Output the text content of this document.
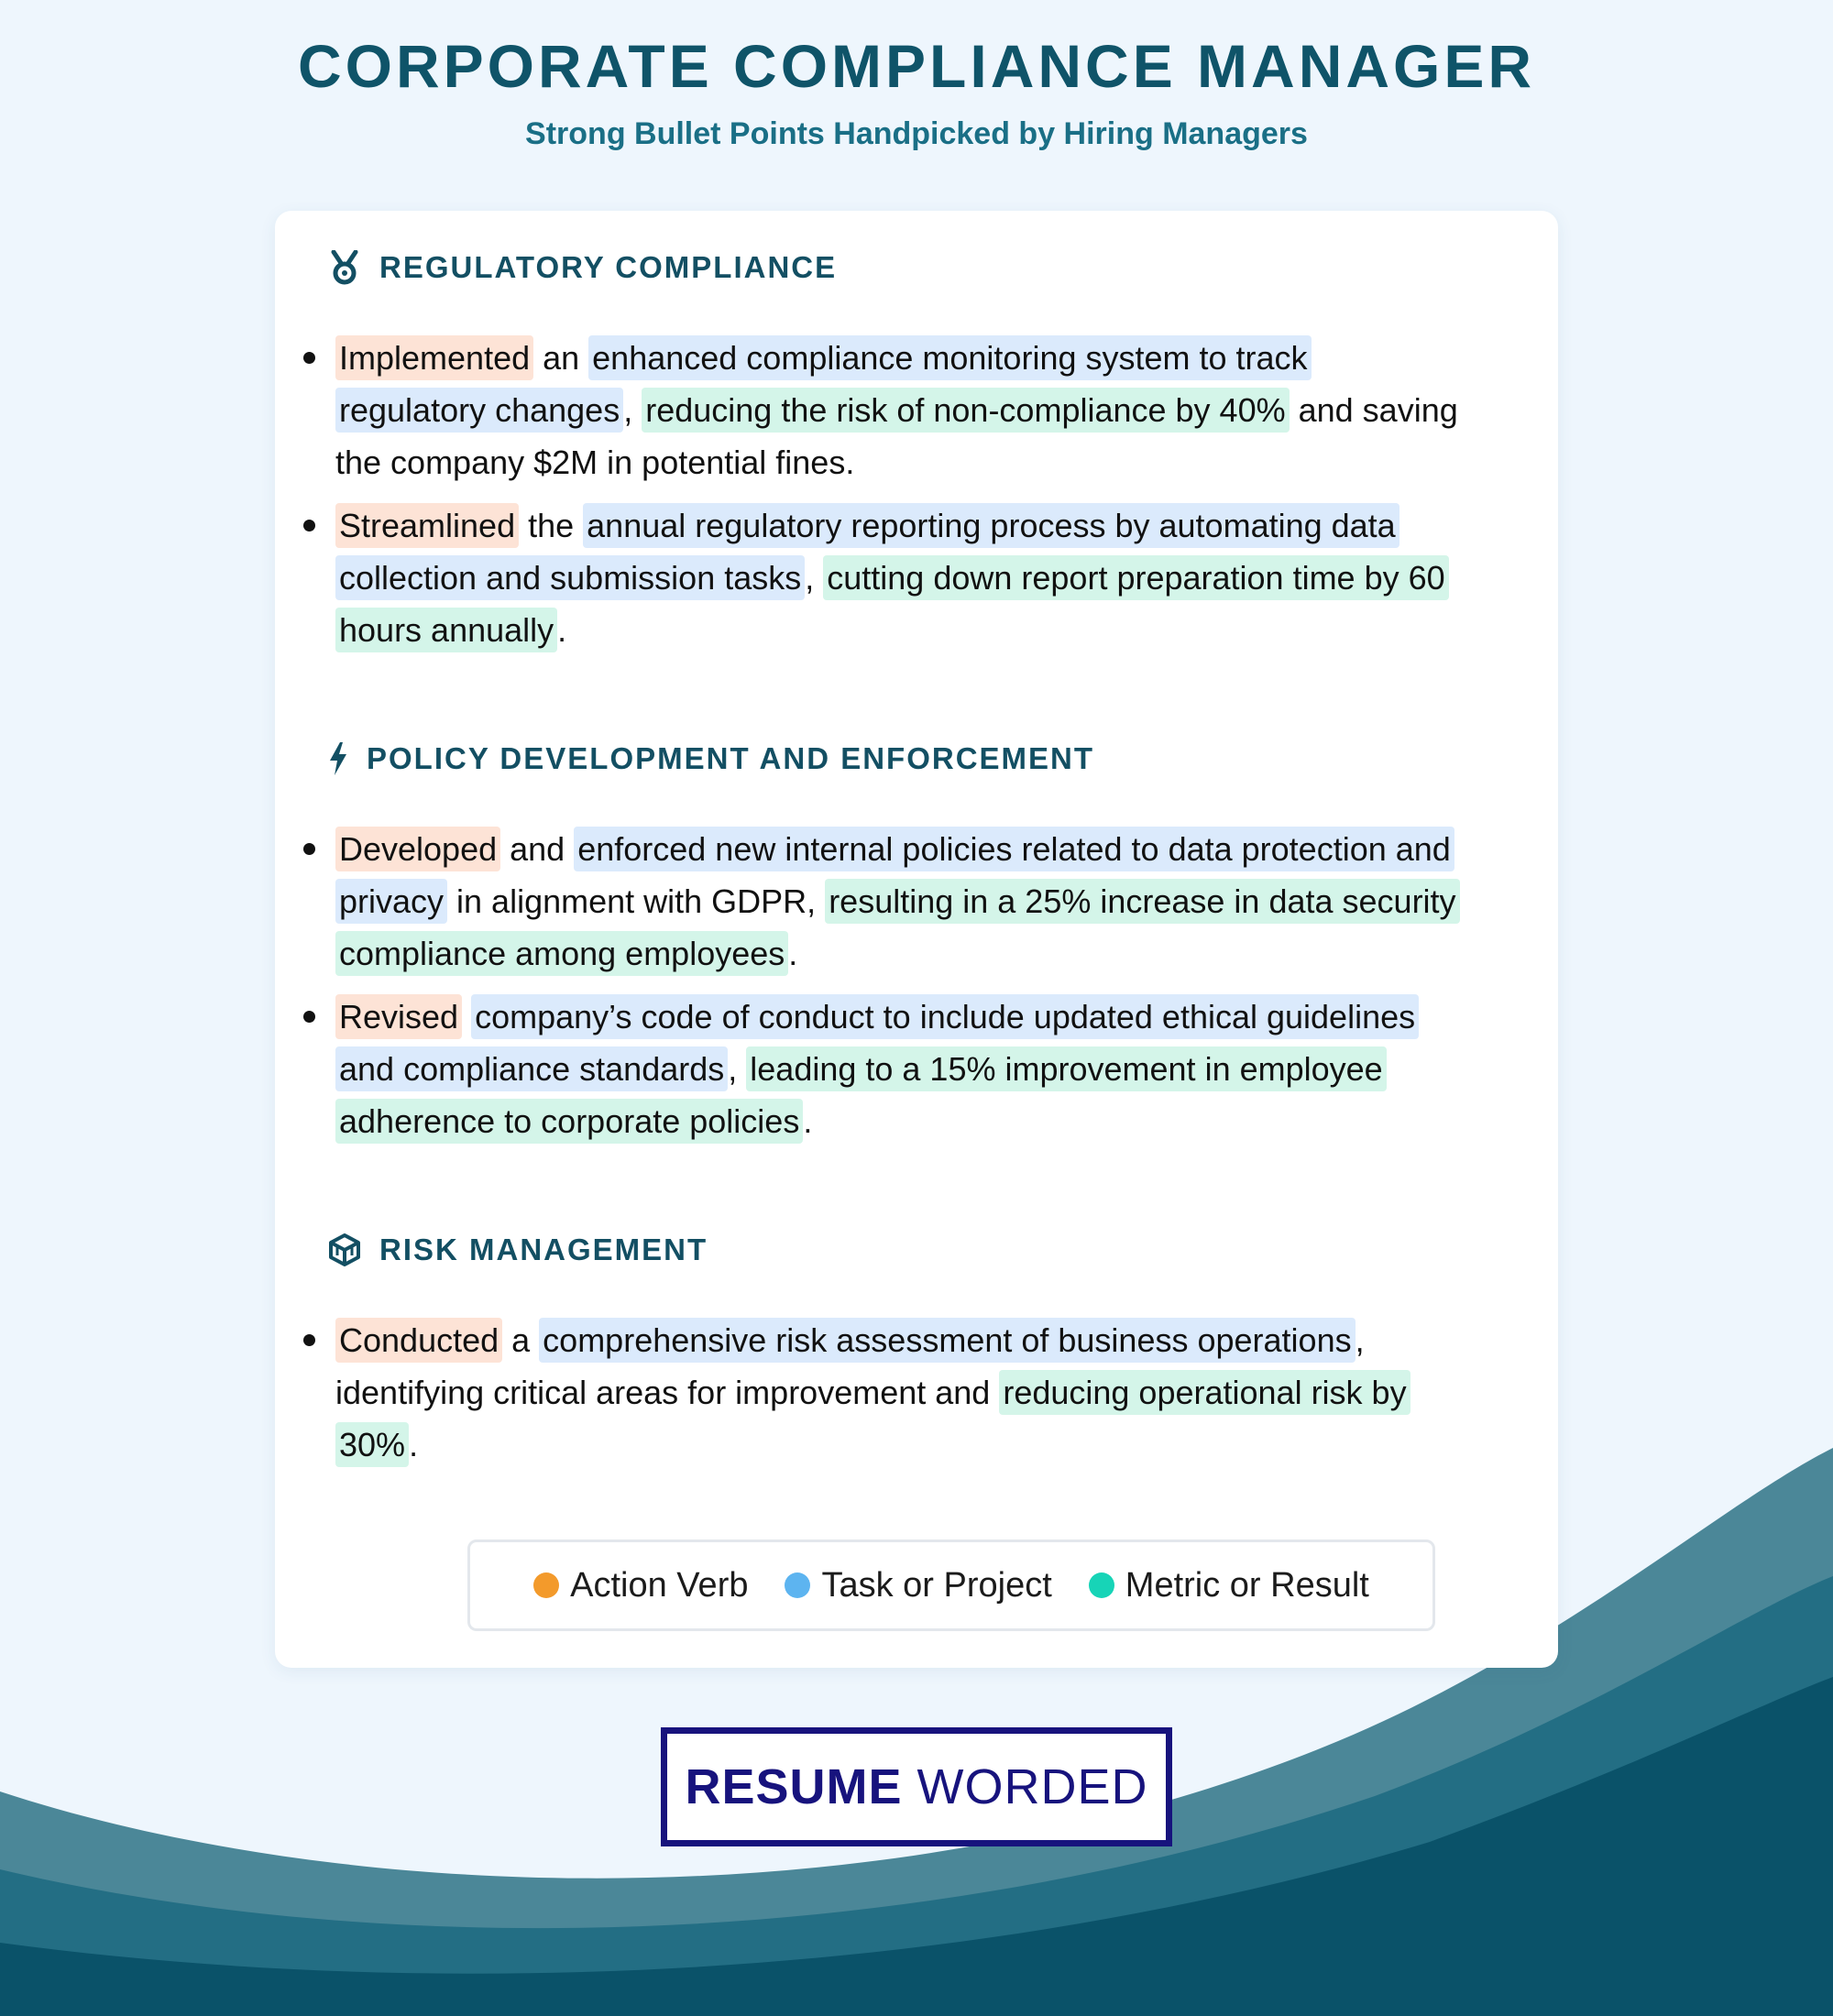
CORPORATE COMPLIANCE MANAGER
Strong Bullet Points Handpicked by Hiring Managers
REGULATORY COMPLIANCE
Implemented an enhanced compliance monitoring system to track
regulatory changes , reducing the risk of non-compliance by 40% and saving
the company $2M in potential fines.
Streamlined the annual regulatory reporting process by automating data
collection and submission tasks , cutting down report preparation time by 60
hours annually .
POLICY DEVELOPMENT AND ENFORCEMENT
Developed and enforced new internal policies related to data protection and
privacy in alignment with GDPR, resulting in a 25% increase in data security
compliance among employees .
Revised company’s code of conduct to include updated ethical guidelines
and compliance standards , leading to a 15% improvement in employee
adherence to corporate policies .
RISK MANAGEMENT
Conducted a comprehensive risk assessment of business operations ,
identifying critical areas for improvement and reducing operational risk by
30% .
Action Verb Task or Project Metric or Result
RESUME WORDED
